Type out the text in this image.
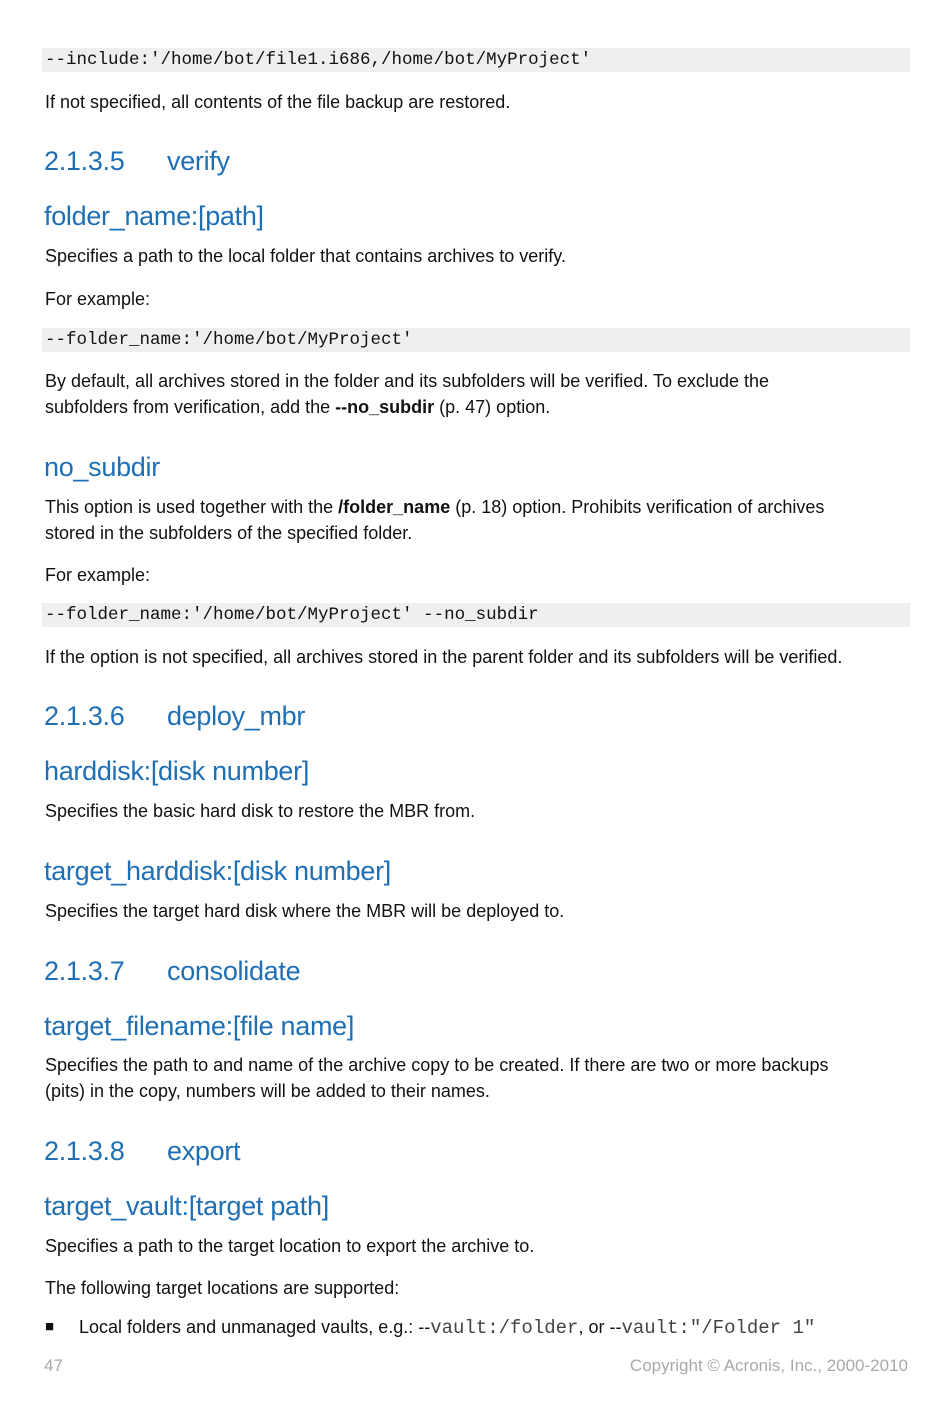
--include:'/home/bot/file1.i686,/home/bot/MyProject'
If not specified, all contents of the file backup are restored.
2.1.3.5 verify
folder_name:[path]
Specifies a path to the local folder that contains archives to verify.
For example:
--folder_name:'/home/bot/MyProject'
By default, all archives stored in the folder and its subfolders will be verified. To exclude the
subfolders from verification, add the --no_subdir (p. 47) option.
no_subdir
This option is used together with the /folder_name (p. 18) option. Prohibits verification of archives
stored in the subfolders of the specified folder.
For example:
--folder_name:'/home/bot/MyProject' --no_subdir
If the option is not specified, all archives stored in the parent folder and its subfolders will be verified.
2.1.3.6 deploy_mbr
harddisk:[disk number]
Specifies the basic hard disk to restore the MBR from.
target_harddisk:[disk number]
Specifies the target hard disk where the MBR will be deployed to.
2.1.3.7 consolidate
target_filename:[file name]
Specifies the path to and name of the archive copy to be created. If there are two or more backups
(pits) in the copy, numbers will be added to their names.
2.1.3.8 export
target_vault:[target path]
Specifies a path to the target location to export the archive to.
The following target locations are supported:
■ Local folders and unmanaged vaults, e.g.: --vault:/folder, or --vault:"/Folder 1"
47	Copyright © Acronis, Inc., 2000-2010
